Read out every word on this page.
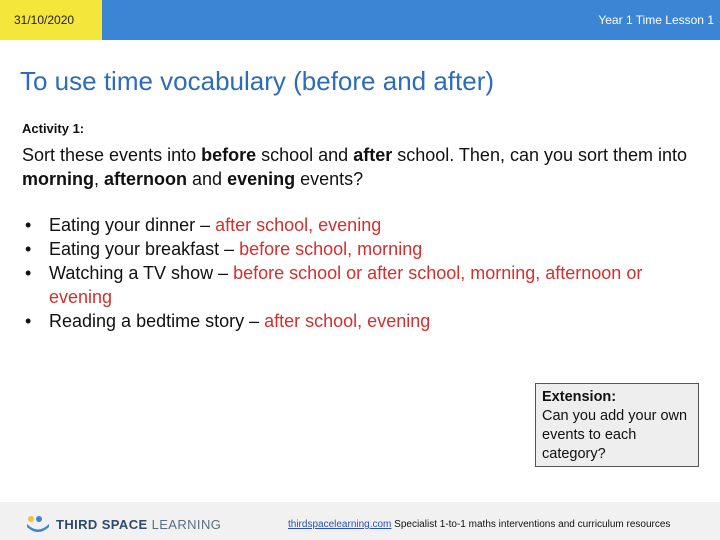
31/10/2020	Year 1 Time Lesson 1
To use time vocabulary (before and after)
Activity 1:
Sort these events into before school and after school. Then, can you sort them into morning, afternoon and evening events?
• Eating your dinner – after school, evening
• Eating your breakfast – before school, morning
• Watching a TV show – before school or after school, morning, afternoon or evening
• Reading a bedtime story – after school, evening
Extension:
Can you add your own events to each category?
THIRD SPACE LEARNING	thirdspacelearning.com Specialist 1-to-1 maths interventions and curriculum resources
